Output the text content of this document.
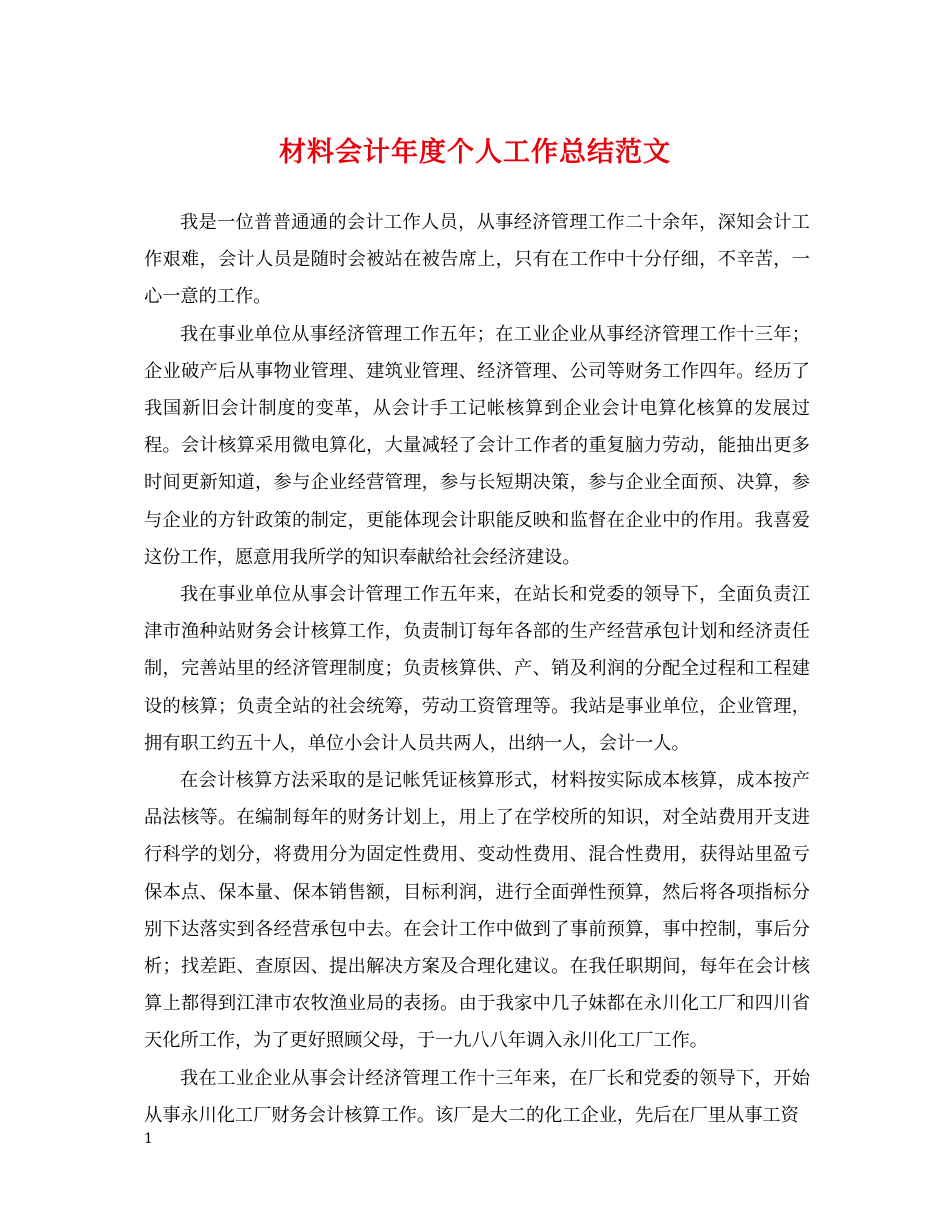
材料会计年度个人工作总结范文

我是一位普普通通的会计工作人员，从事经济管理工作二十余年，深知会计工作艰难，会计人员是随时会被站在被告席上，只有在工作中十分仔细，不辛苦，一心一意的工作。

我在事业单位从事经济管理工作五年；在工业企业从事经济管理工作十三年；企业破产后从事物业管理、建筑业管理、经济管理、公司等财务工作四年。经历了我国新旧会计制度的变革，从会计手工记帐核算到企业会计电算化核算的发展过程。会计核算采用微电算化，大量减轻了会计工作者的重复脑力劳动，能抽出更多时间更新知道，参与企业经营管理，参与长短期决策，参与企业全面预、决算，参与企业的方针政策的制定，更能体现会计职能反映和监督在企业中的作用。我喜爱这份工作，愿意用我所学的知识奉献给社会经济建设。

我在事业单位从事会计管理工作五年来，在站长和党委的领导下，全面负责江津市渔种站财务会计核算工作，负责制订每年各部的生产经营承包计划和经济责任制，完善站里的经济管理制度；负责核算供、产、销及利润的分配全过程和工程建设的核算；负责全站的社会统筹，劳动工资管理等。我站是事业单位，企业管理，拥有职工约五十人，单位小会计人员共两人，出纳一人，会计一人。

在会计核算方法采取的是记帐凭证核算形式，材料按实际成本核算，成本按产品法核等。在编制每年的财务计划上，用上了在学校所的知识，对全站费用开支进行科学的划分，将费用分为固定性费用、变动性费用、混合性费用，获得站里盈亏保本点、保本量、保本销售额，目标利润，进行全面弹性预算，然后将各项指标分别下达落实到各经营承包中去。在会计工作中做到了事前预算，事中控制，事后分析；找差距、查原因、提出解决方案及合理化建议。在我任职期间，每年在会计核算上都得到江津市农牧渔业局的表扬。由于我家中几子妹都在永川化工厂和四川省天化所工作，为了更好照顾父母，于一九八八年调入永川化工厂工作。

我在工业企业从事会计经济管理工作十三年来，在厂长和党委的领导下，开始从事永川化工厂财务会计核算工作。该厂是大二的化工企业，先后在厂里从事工资

1
